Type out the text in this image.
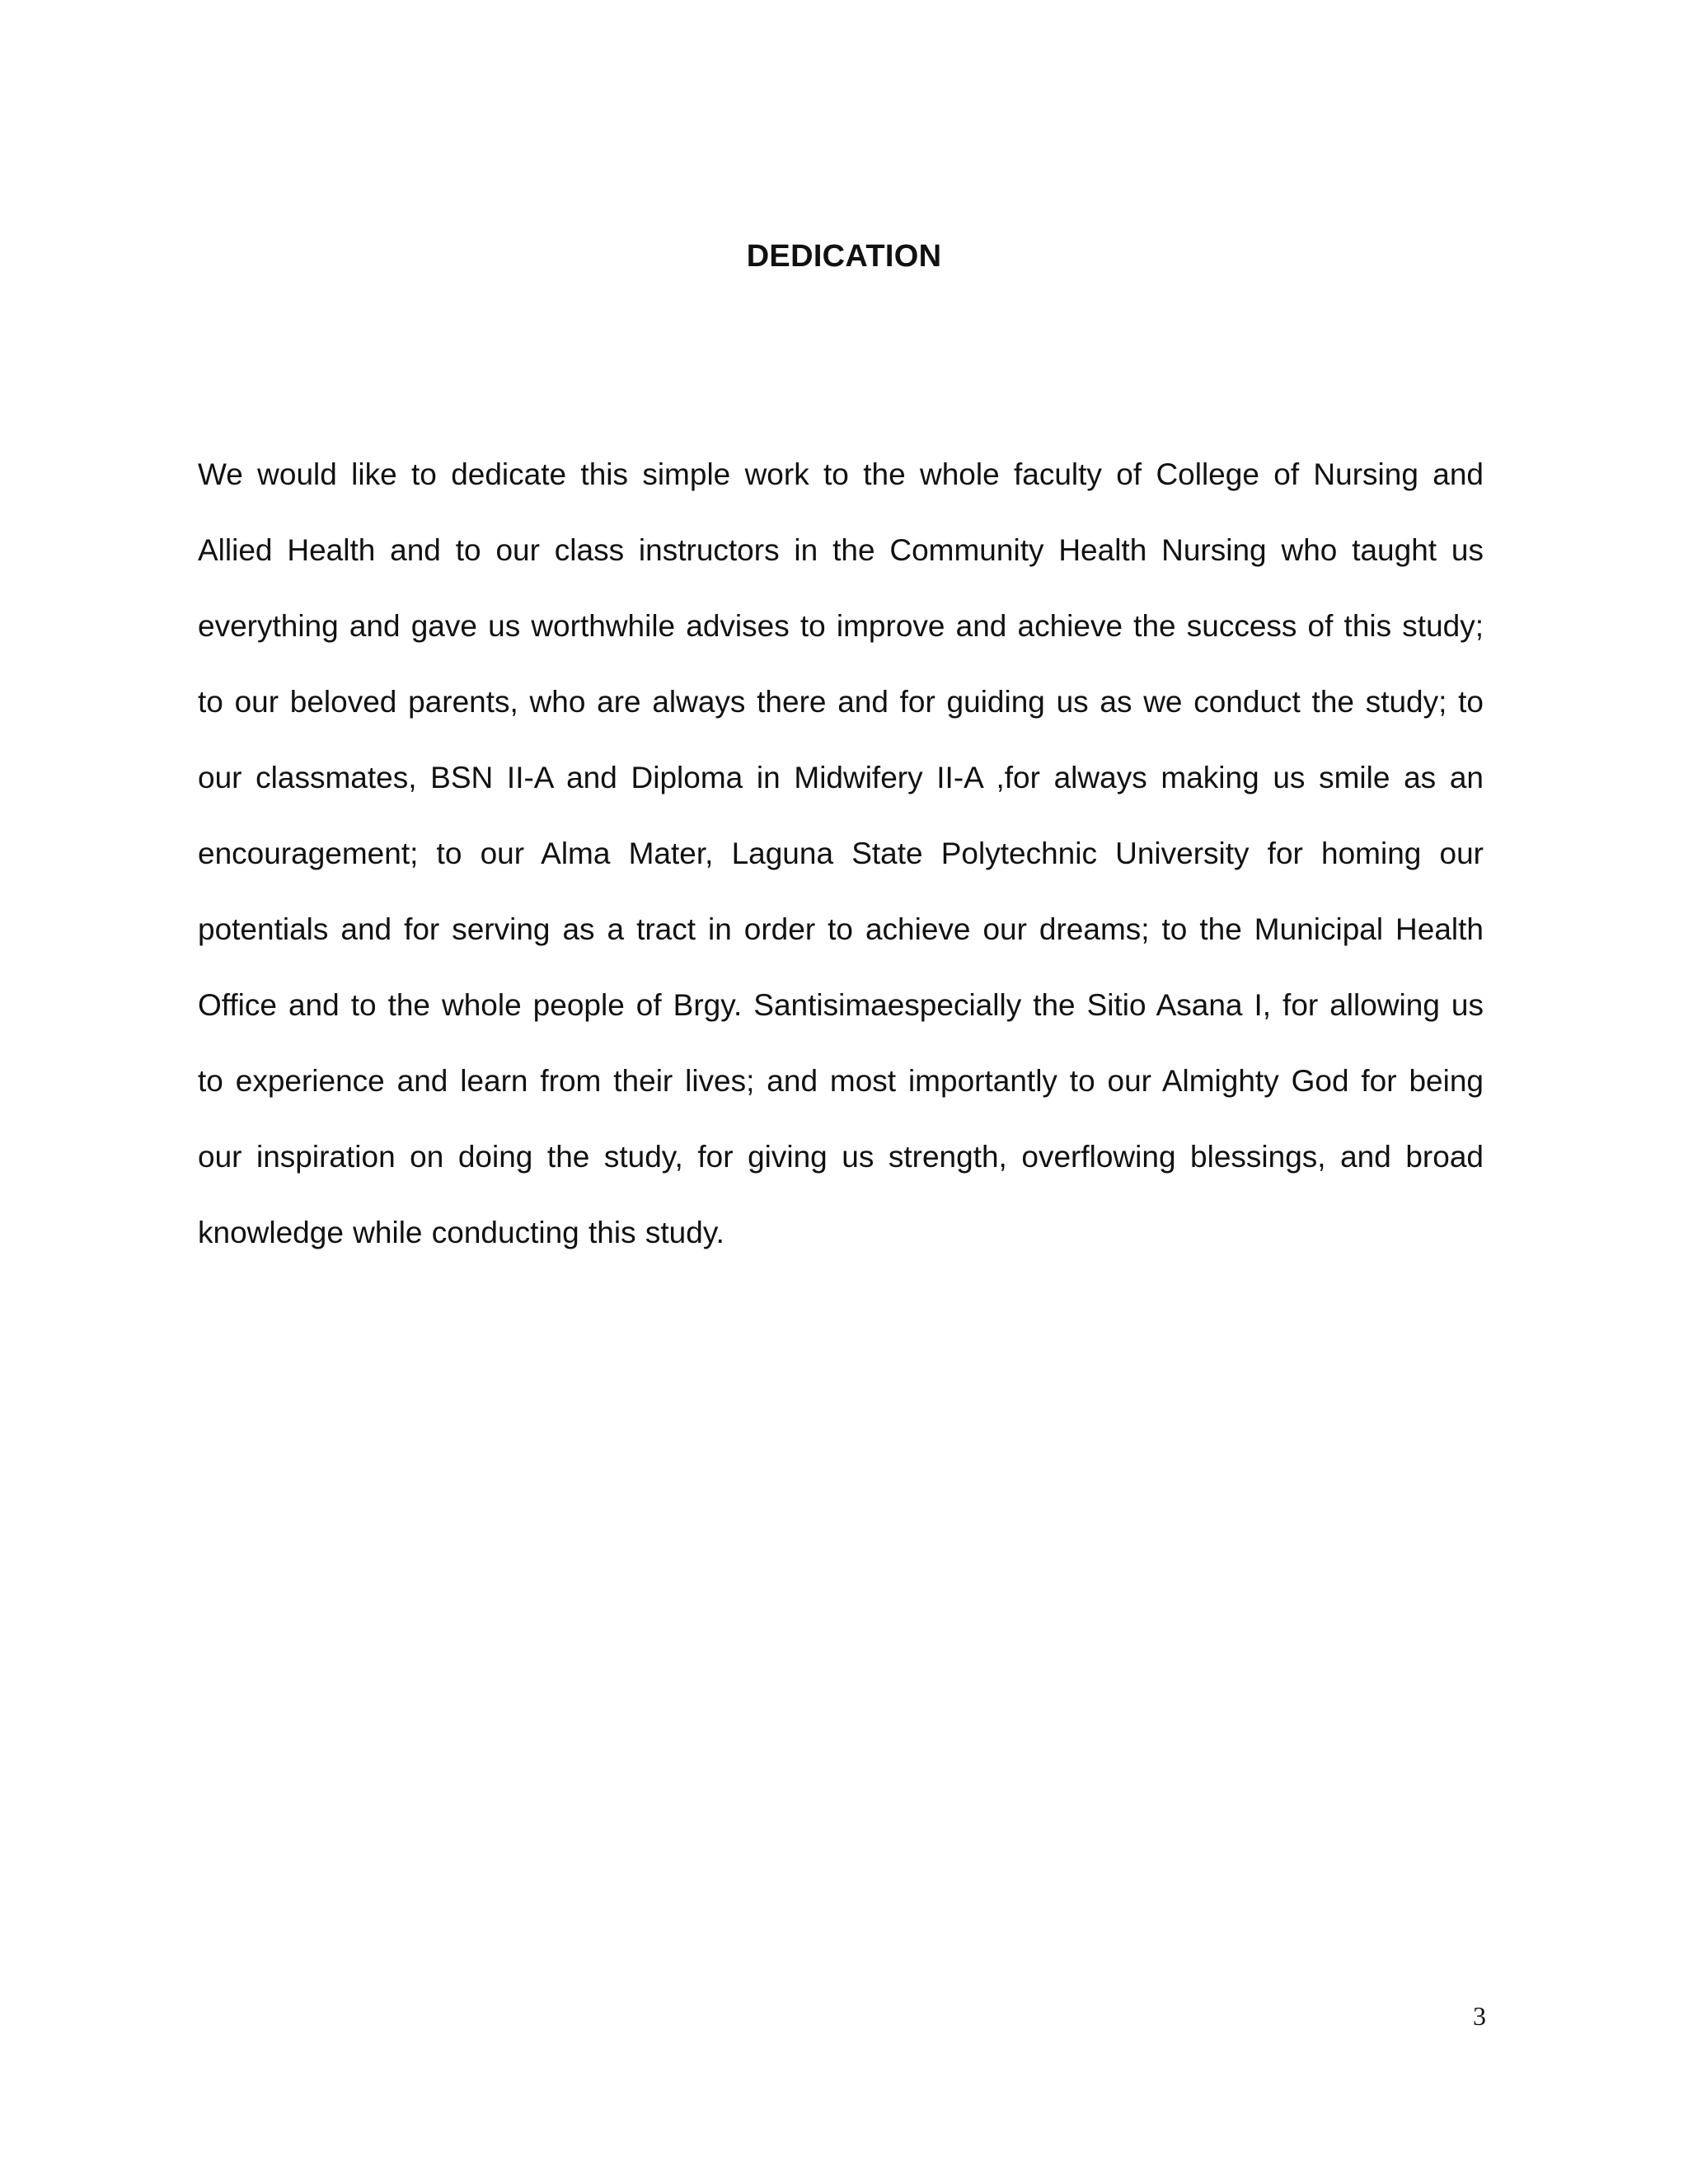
DEDICATION

We would like to dedicate this simple work to the whole faculty of College of Nursing and Allied Health and to our class instructors in the Community Health Nursing who taught us everything and gave us worthwhile advises to improve and achieve the success of this study; to our beloved parents, who are always there and for guiding us as we conduct the study; to our classmates, BSN II-A and Diploma in Midwifery II-A ,for always making us smile as an encouragement; to our Alma Mater, Laguna State Polytechnic University for homing our potentials and for serving as a tract in order to achieve our dreams; to the Municipal Health Office and to the whole people of Brgy. Santisimaespecially the Sitio Asana I, for allowing us to experience and learn from their lives; and most importantly to our Almighty God for being our inspiration on doing the study, for giving us strength, overflowing blessings, and broad knowledge while conducting this study.

3
